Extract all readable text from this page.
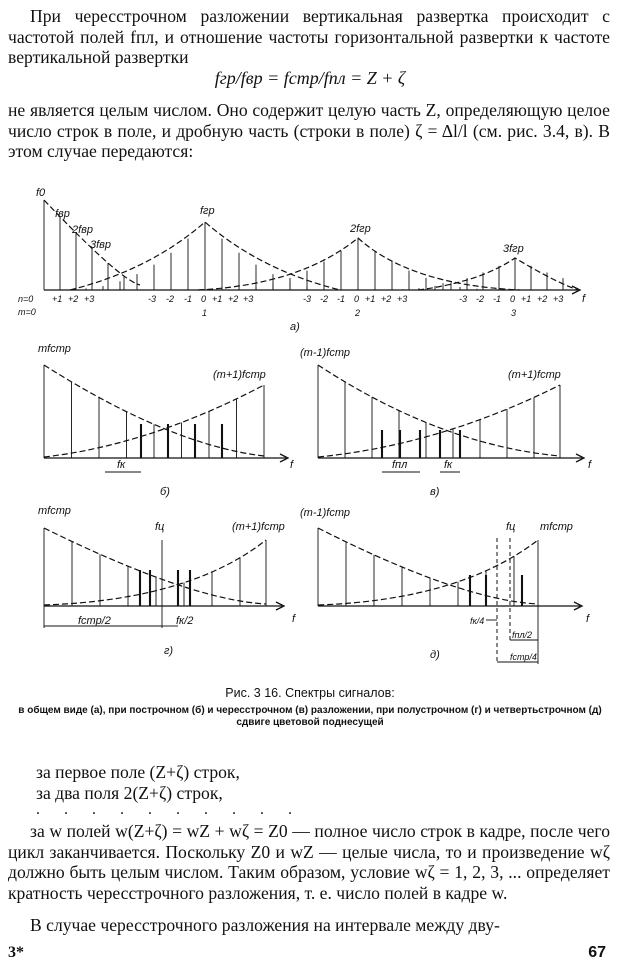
При чересстрочном разложении вертикальная развертка происходит с частотой полей fпл, и отношение частоты горизонтальной развертки к частоте вертикальной развертки

fгр/fвр = fстр/fпл = Z + ζ

не является целым числом. Оно содержит целую часть Z, определяющую целое число строк в поле, и дробную часть (строки в поле) ζ = Δl/l (см. рис. 3.4, в). В этом случае передаются:

f0
fвр
2fвр
3fвр
fгр
2fгр
3fгр
n=0
m=0
+1 +2 +3	-3 -2 -1 0 +1 +2 +3	-3 -2 -1 0 +1 +2 +3	-3 -2 -1 0 +1 +2 +3
1	2	3
f
а)
mfстр
(m+1)fстр
fк	f
б)
(m-1)fстр
(m+1)fстр
fпл	fк	f
в)
mfстр
fц	(m+1)fстр
fстр/2	fк/2	f
г)
(m-1)fстр
fц mfстр
fк/4
fпл/2
fстр/4
f
д)

Рис. 3 16. Спектры сигналов:

в общем виде (а), при построчном (б) и чересстрочном (в) разложении, при полустрочном (г) и четвертьстрочном (д) сдвиге цветовой поднесущей

за первое поле (Z+ζ) строк,

за два поля 2(Z+ζ) строк,

. . . . . . . . . .

за w полей w(Z+ζ) = wZ + wζ = Z0 — полное число строк в кадре, после чего цикл заканчивается. Поскольку Z0 и wZ — целые числа, то и произведение wζ должно быть целым числом. Таким образом, условие wζ = 1, 2, 3, ... определяет кратность чересстрочного разложения, т. е. число полей в кадре w.

В случае чересстрочного разложения на интервале между дву-

3*	67
